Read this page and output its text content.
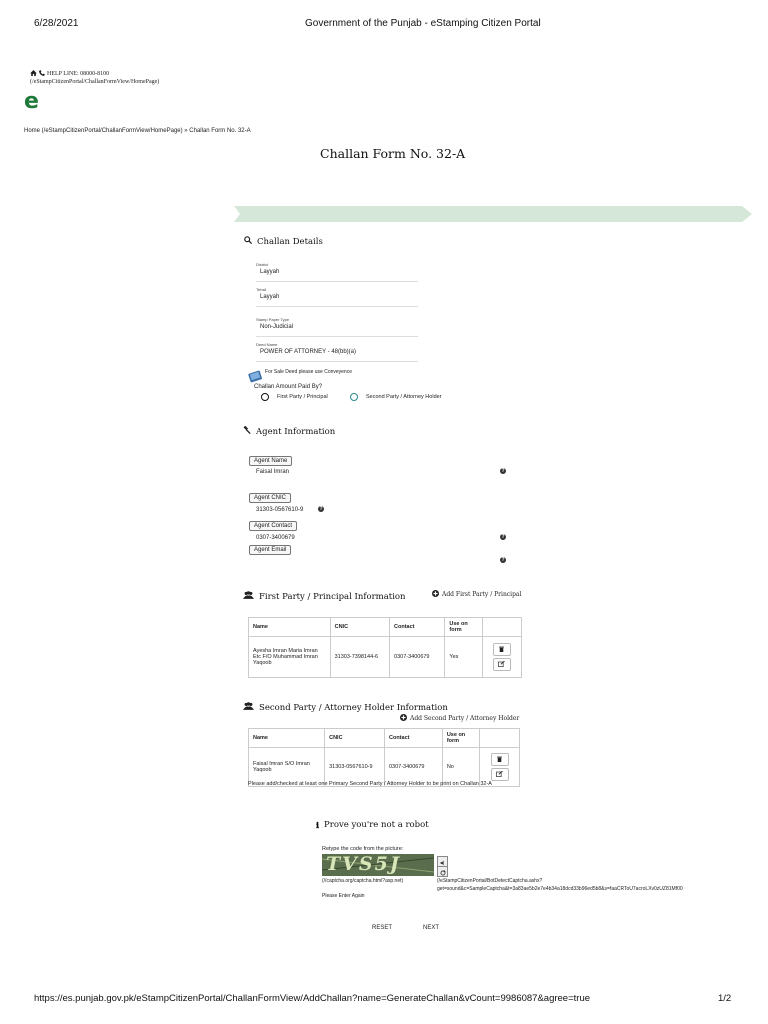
6/28/2021	Government of the Punjab - eStamping Citizen Portal
HELP LINE: 08000-8100
(/eStampCitizenPortal/ChallanFormView/HomePage)
e
Home (/eStampCitizenPortal/ChallanFormView/HomePage) » Challan Form No. 32-A
Challan Form No. 32-A
Challan Details
District
Layyah
Tehsil
Layyah
Stamp Paper Type
Non-Judicial
Deed Name
POWER OF ATTORNEY - 48(bb)(a)
For Sale Deed please use Conveyence
Challan Amount Paid By?
First Party / Principal	Second Party / Attorney Holder
Agent Information
Agent Name
Faisal Imran	?
Agent CNIC
31303-0567610-9	?
Agent Contact
0307-3400679	?
Agent Email
?
First Party / Principal Information	Add First Party / Principal
Name	CNIC	Contact	Use on form	
Ayesha Imran Maria Imran Etc F/O Muhammad Imran Yaqoob	31303-7398144-6	0307-3400679	Yes	
Second Party / Attorney Holder Information
Add Second Party / Attorney Holder
Name	CNIC	Contact	Use on form	
Faisal Imran S/O Imran Yaqoob	31303-0567610-9	0307-3400679	No	
Please add/checked at least one Primary Second Party / Attorney Holder to be print on Challan 32-A
ℹ Prove you're not a robot
Retype the code from the picture:
TVS5J
(//captcha.org/captcha.html?asp.net)	(/eStampCitizenPortal/BotDetectCaptcha.ashx?get=sound&c=SampleCaptcha&t=3a83ae5b2e7e4b34a18dcd33b96ed5b8&s=faaCRToU7acroLXv0zUZ81Mf00
Please Enter Again
RESET	NEXT
https://es.punjab.gov.pk/eStampCitizenPortal/ChallanFormView/AddChallan?name=GenerateChallan&vCount=9986087&agree=true	1/2
